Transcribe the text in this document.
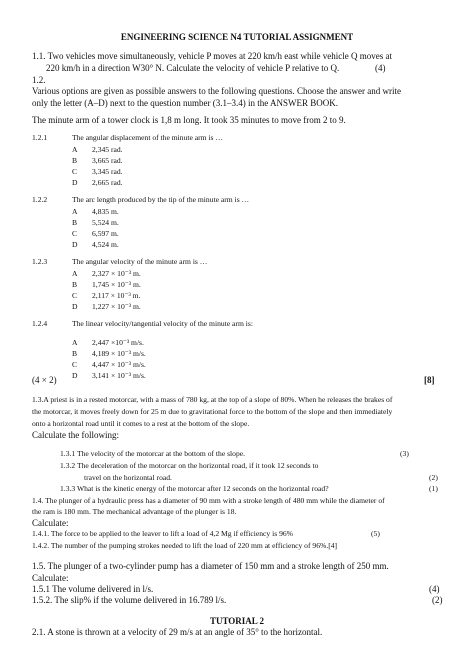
ENGINEERING SCIENCE N4 TUTORIAL ASSIGNMENT
1.1. Two vehicles move simultaneously, vehicle P moves at 220 km/h east while vehicle Q moves at
220 km/h in a direction W30° N. Calculate the velocity of vehicle P relative to Q.	(4)
1.2.
Various options are given as possible answers to the following questions. Choose the answer and write
only the letter (A–D) next to the question number (3.1–3.4) in the ANSWER BOOK.
The minute arm of a tower clock is 1,8 m long. It took 35 minutes to move from 2 to 9.
1.2.1	The angular displacement of the minute arm is …
A 2,345 rad.
B 3,665 rad.
C 3,345 rad.
D 2,665 rad.
1.2.2	The arc length produced by the tip of the minute arm is …
A 4,835 m.
B 5,524 m.
C 6,597 m.
D 4,524 m.
1.2.3	The angular velocity of the minute arm is …
A 2,327 × 10⁻³ m.
B 1,745 × 10⁻³ m.
C 2,117 × 10⁻³ m.
D 1,227 × 10⁻³ m.
1.2.4	The linear velocity/tangential velocity of the minute arm is:
A 2,447 ×10⁻³ m/s.
B 4,189 × 10⁻³ m/s.
C 4,447 × 10⁻³ m/s.
D 3,141 × 10⁻³ m/s.
(4 × 2)	[8]
1.3.A priest is in a rested motorcar, with a mass of 780 kg, at the top of a slope of 80%. When he releases the brakes of
the motorcar, it moves freely down for 25 m due to gravitational force to the bottom of the slope and then immediately
onto a horizontal road until it comes to a rest at the bottom of the slope.
Calculate the following:
1.3.1 The velocity of the motorcar at the bottom of the slope.	(3)
1.3.2 The deceleration of the motorcar on the horizontal road, if it took 12 seconds to
travel on the horizontal road.	(2)
1.3.3 What is the kinetic energy of the motorcar after 12 seconds on the horizontal road?	(1)
1.4. The plunger of a hydraulic press has a diameter of 90 mm with a stroke length of 480 mm while the diameter of
the ram is 180 mm. The mechanical advantage of the plunger is 18.
Calculate:
1.4.1. The force to be applied to the leaver to lift a load of 4,2 Mg if efficiency is 96%	(5)
1.4.2. The number of the pumping strokes needed to lift the load of 220 mm at efficiency of 96%.[4]
1.5. The plunger of a two-cylinder pump has a diameter of 150 mm and a stroke length of 250 mm.
Calculate:
1.5.1 The volume delivered in l/s.	(4)
1.5.2. The slip% if the volume delivered in 16.789 l/s.	(2)
TUTORIAL 2
2.1. A stone is thrown at a velocity of 29 m/s at an angle of 35° to the horizontal.
